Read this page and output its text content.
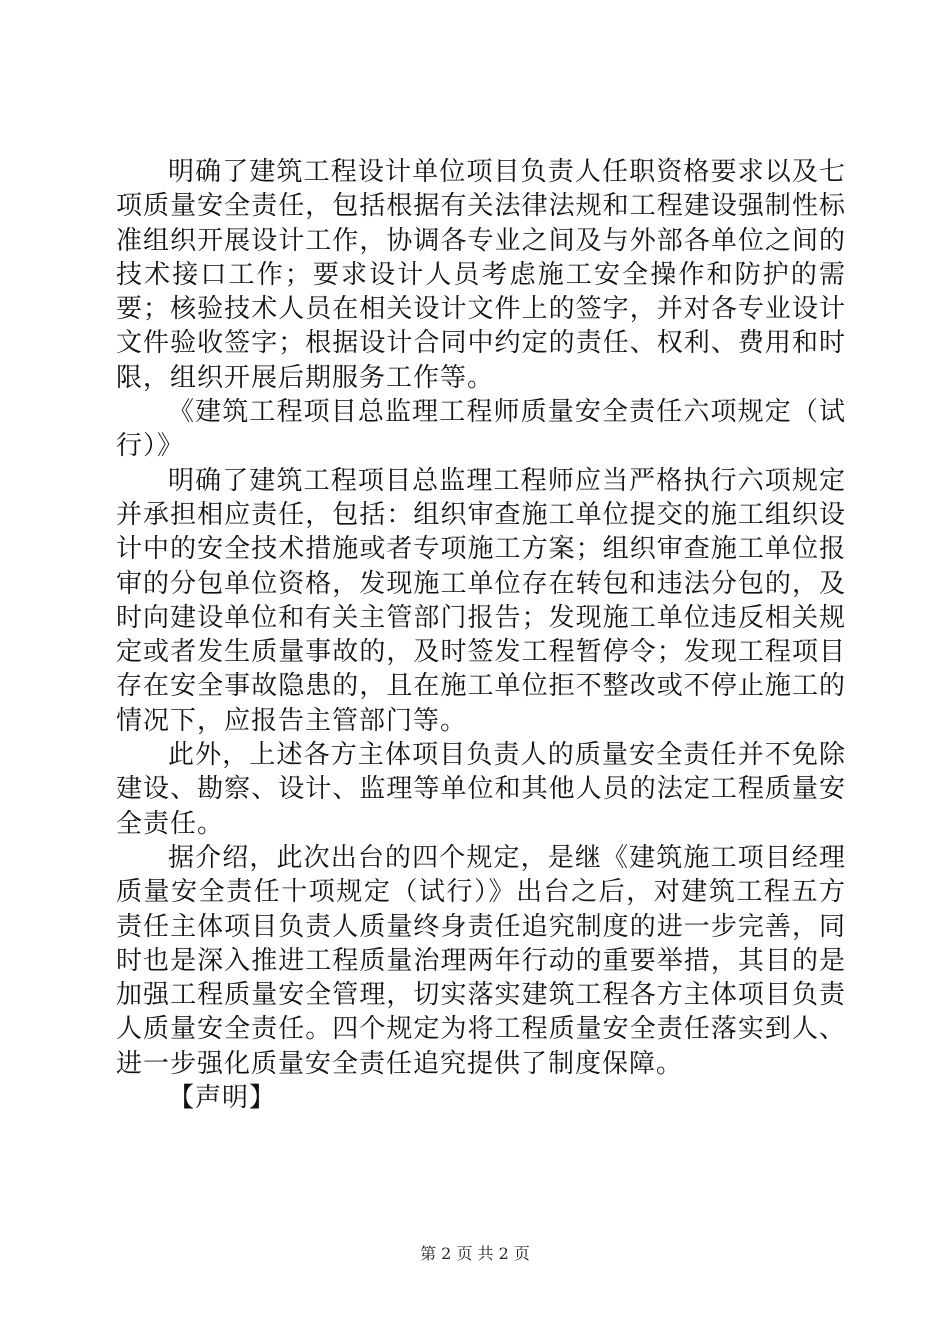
明确了建筑工程设计单位项目负责人任职资格要求以及七项质量安全责任，包括根据有关法律法规和工程建设强制性标准组织开展设计工作，协调各专业之间及与外部各单位之间的技术接口工作；要求设计人员考虑施工安全操作和防护的需要；核验技术人员在相关设计文件上的签字，并对各专业设计文件验收签字；根据设计合同中约定的责任、权利、费用和时限，组织开展后期服务工作等。

《建筑工程项目总监理工程师质量安全责任六项规定（试行）》

明确了建筑工程项目总监理工程师应当严格执行六项规定并承担相应责任，包括：组织审查施工单位提交的施工组织设计中的安全技术措施或者专项施工方案；组织审查施工单位报审的分包单位资格，发现施工单位存在转包和违法分包的，及时向建设单位和有关主管部门报告；发现施工单位违反相关规定或者发生质量事故的，及时签发工程暂停令；发现工程项目存在安全事故隐患的，且在施工单位拒不整改或不停止施工的情况下，应报告主管部门等。

此外，上述各方主体项目负责人的质量安全责任并不免除建设、勘察、设计、监理等单位和其他人员的法定工程质量安全责任。

据介绍，此次出台的四个规定，是继《建筑施工项目经理质量安全责任十项规定（试行）》出台之后，对建筑工程五方责任主体项目负责人质量终身责任追究制度的进一步完善，同时也是深入推进工程质量治理两年行动的重要举措，其目的是加强工程质量安全管理，切实落实建筑工程各方主体项目负责人质量安全责任。四个规定为将工程质量安全责任落实到人、进一步强化质量安全责任追究提供了制度保障。

【声明】

第 2 页 共 2 页
